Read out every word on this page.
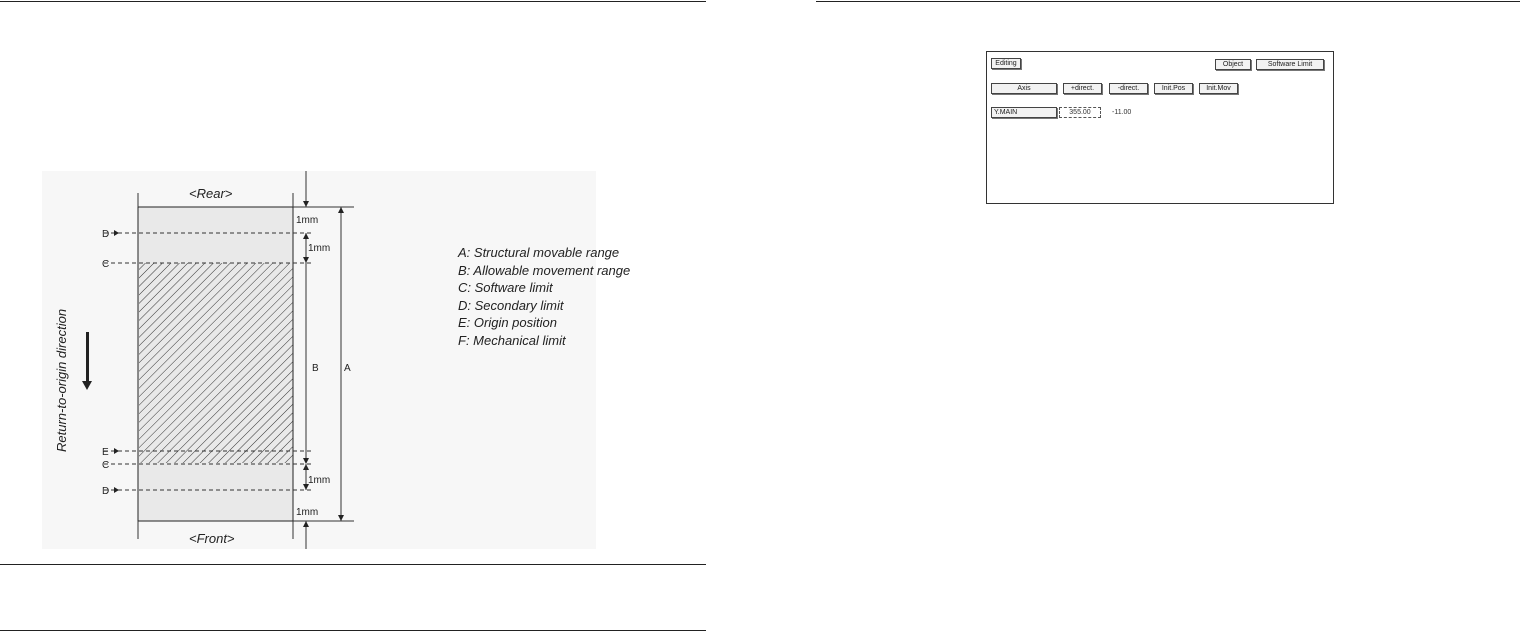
<Rear>
<Front>
1mm
1mm
B	A
1mm
1mm
D
C
E
C
D
Return-to-origin direction
A: Structural movable range
B: Allowable movement range
C: Software limit
D: Secondary limit
E: Origin position
F: Mechanical limit
Editing	Object	Software Limit
Axis	+direct.	-direct.	Init.Pos	Init.Mov
Y.MAIN	355.00	-11.00
